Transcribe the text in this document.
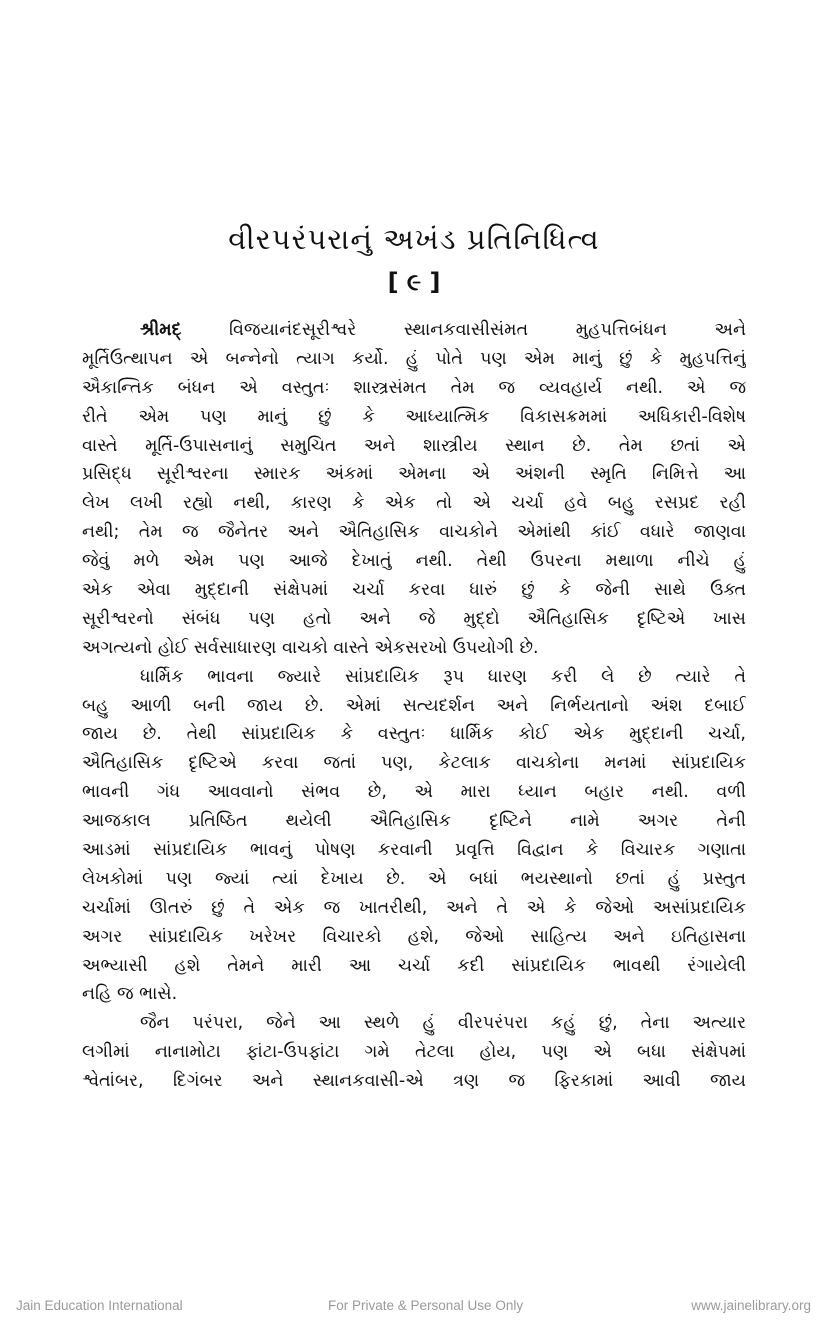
વીરપરંપરાનું અખંડ પ્રતિનિધિત્વ
[ ૯ ]
શ્રીમદ્ વિજયાનંદસૂરીશ્વરે સ્થાનકવાસીસંમત મુહપત્તિબંધન અને
મૂર્તિઉત્થાપન એ બન્નેનો ત્યાગ કર્યો. હું પોતે પણ એમ માનું છું કે મુહપત્તિનું
ઐકાન્તિક બંધન એ વસ્તુતઃ શાસ્ત્રસંમત તેમ જ વ્યવહાર્ય નથી. એ જ
રીતે એમ પણ માનું છું કે આધ્યાત્મિક વિકાસક્રમમાં અધિકારી-વિશેષ
વાસ્તે મૂર્તિ-ઉપાસનાનું સમુચિત અને શાસ્ત્રીય સ્થાન છે. તેમ છતાં એ
પ્રસિદ્ધ સૂરીશ્વરના સ્મારક અંકમાં એમના એ અંશની સ્મૃતિ નિમિત્તે આ
લેખ લખી રહ્યો નથી, કારણ કે એક તો એ ચર્ચા હવે બહુ રસપ્રદ રહી
નથી; તેમ જ જૈનેતર અને ઐતિહાસિક વાચકોને એમાંથી કાંઈ વધારે જાણવા
જેવું મળે એમ પણ આજે દેખાતું નથી. તેથી ઉપરના મથાળા નીચે હું
એક એવા મુદ્દાની સંક્ષેપમાં ચર્ચા કરવા ધારું છું કે જેની સાથે ઉક્ત
સૂરીશ્વરનો સંબંધ પણ હતો અને જે મુદ્દો ઐતિહાસિક દૃષ્ટિએ ખાસ
અગત્યનો હોઈ સર્વસાધારણ વાચકો વાસ્તે એકસરખો ઉપયોગી છે.
ધાર્મિક ભાવના જ્યારે સાંપ્રદાયિક રૂપ ધારણ કરી લે છે ત્યારે તે
બહુ આળી બની જાય છે. એમાં સત્યદર્શન અને નિર્ભયતાનો અંશ દબાઈ
જાય છે. તેથી સાંપ્રદાયિક કે વસ્તુતઃ ધાર્મિક કોઈ એક મુદ્દાની ચર્ચા,
ઐતિહાસિક દૃષ્ટિએ કરવા જતાં પણ, કેટલાક વાચકોના મનમાં સાંપ્રદાયિક
ભાવની ગંધ આવવાનો સંભવ છે, એ મારા ધ્યાન બહાર નથી. વળી
આજકાલ પ્રતિષ્ઠિત થયેલી ઐતિહાસિક દૃષ્ટિને નામે અગર તેની
આડમાં સાંપ્રદાયિક ભાવનું પોષણ કરવાની પ્રવૃત્તિ વિદ્વાન કે વિચારક ગણાતા
લેખકોમાં પણ જ્યાં ત્યાં દેખાય છે. એ બધાં ભયસ્થાનો છતાં હું પ્રસ્તુત
ચર્ચામાં ઊતરું છું તે એક જ ખાતરીથી, અને તે એ કે જેઓ અસાંપ્રદાયિક
અગર સાંપ્રદાયિક ખરેખર વિચારકો હશે, જેઓ સાહિત્ય અને ઇતિહાસના
અભ્યાસી હશે તેમને મારી આ ચર્ચા કદી સાંપ્રદાયિક ભાવથી રંગાયેલી
નહિ જ ભાસે.
જૈન પરંપરા, જેને આ સ્થળે હું વીરપરંપરા કહું છું, તેના અત્યાર
લગીમાં નાનામોટા ફાંટા-ઉપફાંટા ગમે તેટલા હોય, પણ એ બધા સંક્ષેપમાં
શ્વેતાંબર, દિગંબર અને સ્થાનકવાસી-એ ત્રણ જ ફિરકામાં આવી જાય
Jain Education International	For Private & Personal Use Only	www.jainelibrary.org
